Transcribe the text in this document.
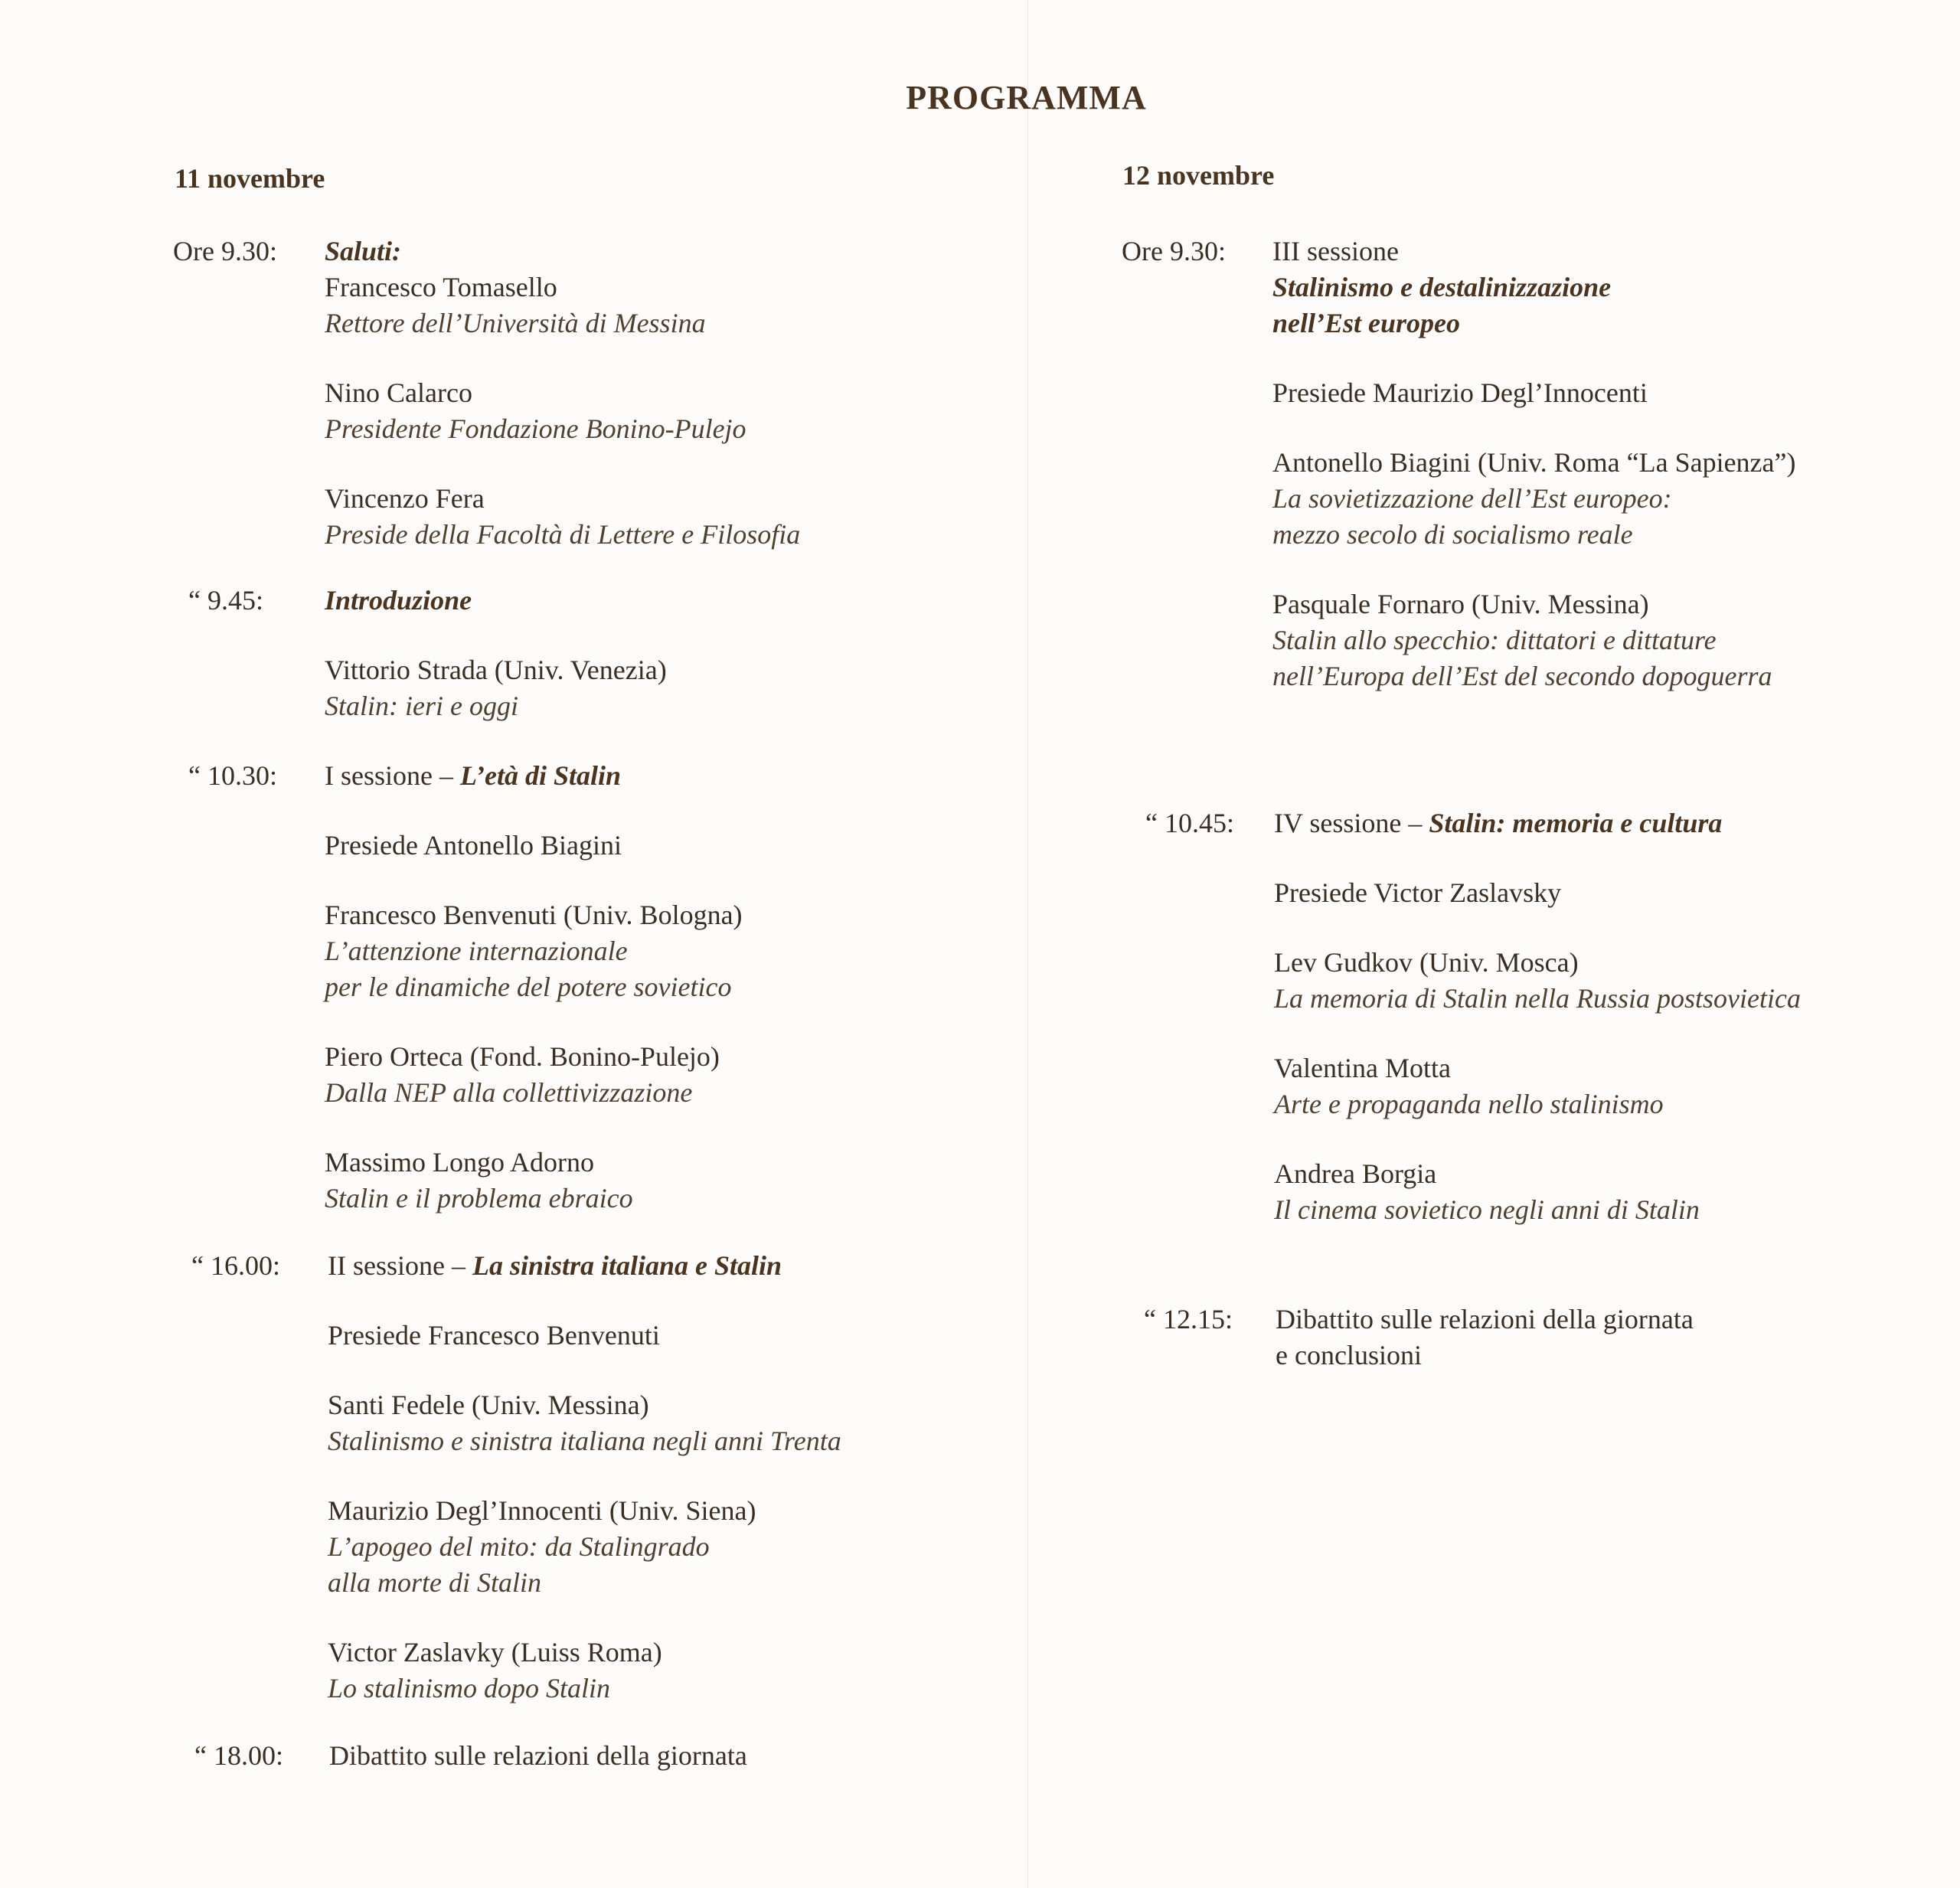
PROGRAMMA
11 novembre
Ore 9.30: Saluti:
Francesco Tomasello
Rettore dell’Università di Messina
Nino Calarco
Presidente Fondazione Bonino-Pulejo
Vincenzo Fera
Preside della Facoltà di Lettere e Filosofia
“ 9.45: Introduzione
Vittorio Strada (Univ. Venezia)
Stalin: ieri e oggi
“ 10.30: I sessione – L’età di Stalin
Presiede Antonello Biagini
Francesco Benvenuti (Univ. Bologna)
L’attenzione internazionale
per le dinamiche del potere sovietico
Piero Orteca (Fond. Bonino-Pulejo)
Dalla NEP alla collettivizzazione
Massimo Longo Adorno
Stalin e il problema ebraico
“ 16.00: II sessione – La sinistra italiana e Stalin
Presiede Francesco Benvenuti
Santi Fedele (Univ. Messina)
Stalinismo e sinistra italiana negli anni Trenta
Maurizio Degl’Innocenti (Univ. Siena)
L’apogeo del mito: da Stalingrado
alla morte di Stalin
Victor Zaslavky (Luiss Roma)
Lo stalinismo dopo Stalin
“ 18.00: Dibattito sulle relazioni della giornata
12 novembre
Ore 9.30: III sessione
Stalinismo e destalinizzazione
nell’Est europeo
Presiede Maurizio Degl’Innocenti
Antonello Biagini (Univ. Roma “La Sapienza”)
La sovietizzazione dell’Est europeo:
mezzo secolo di socialismo reale
Pasquale Fornaro (Univ. Messina)
Stalin allo specchio: dittatori e dittature
nell’Europa dell’Est del secondo dopoguerra
“ 10.45: IV sessione – Stalin: memoria e cultura
Presiede Victor Zaslavsky
Lev Gudkov (Univ. Mosca)
La memoria di Stalin nella Russia postsovietica
Valentina Motta
Arte e propaganda nello stalinismo
Andrea Borgia
Il cinema sovietico negli anni di Stalin
“ 12.15: Dibattito sulle relazioni della giornata
e conclusioni
